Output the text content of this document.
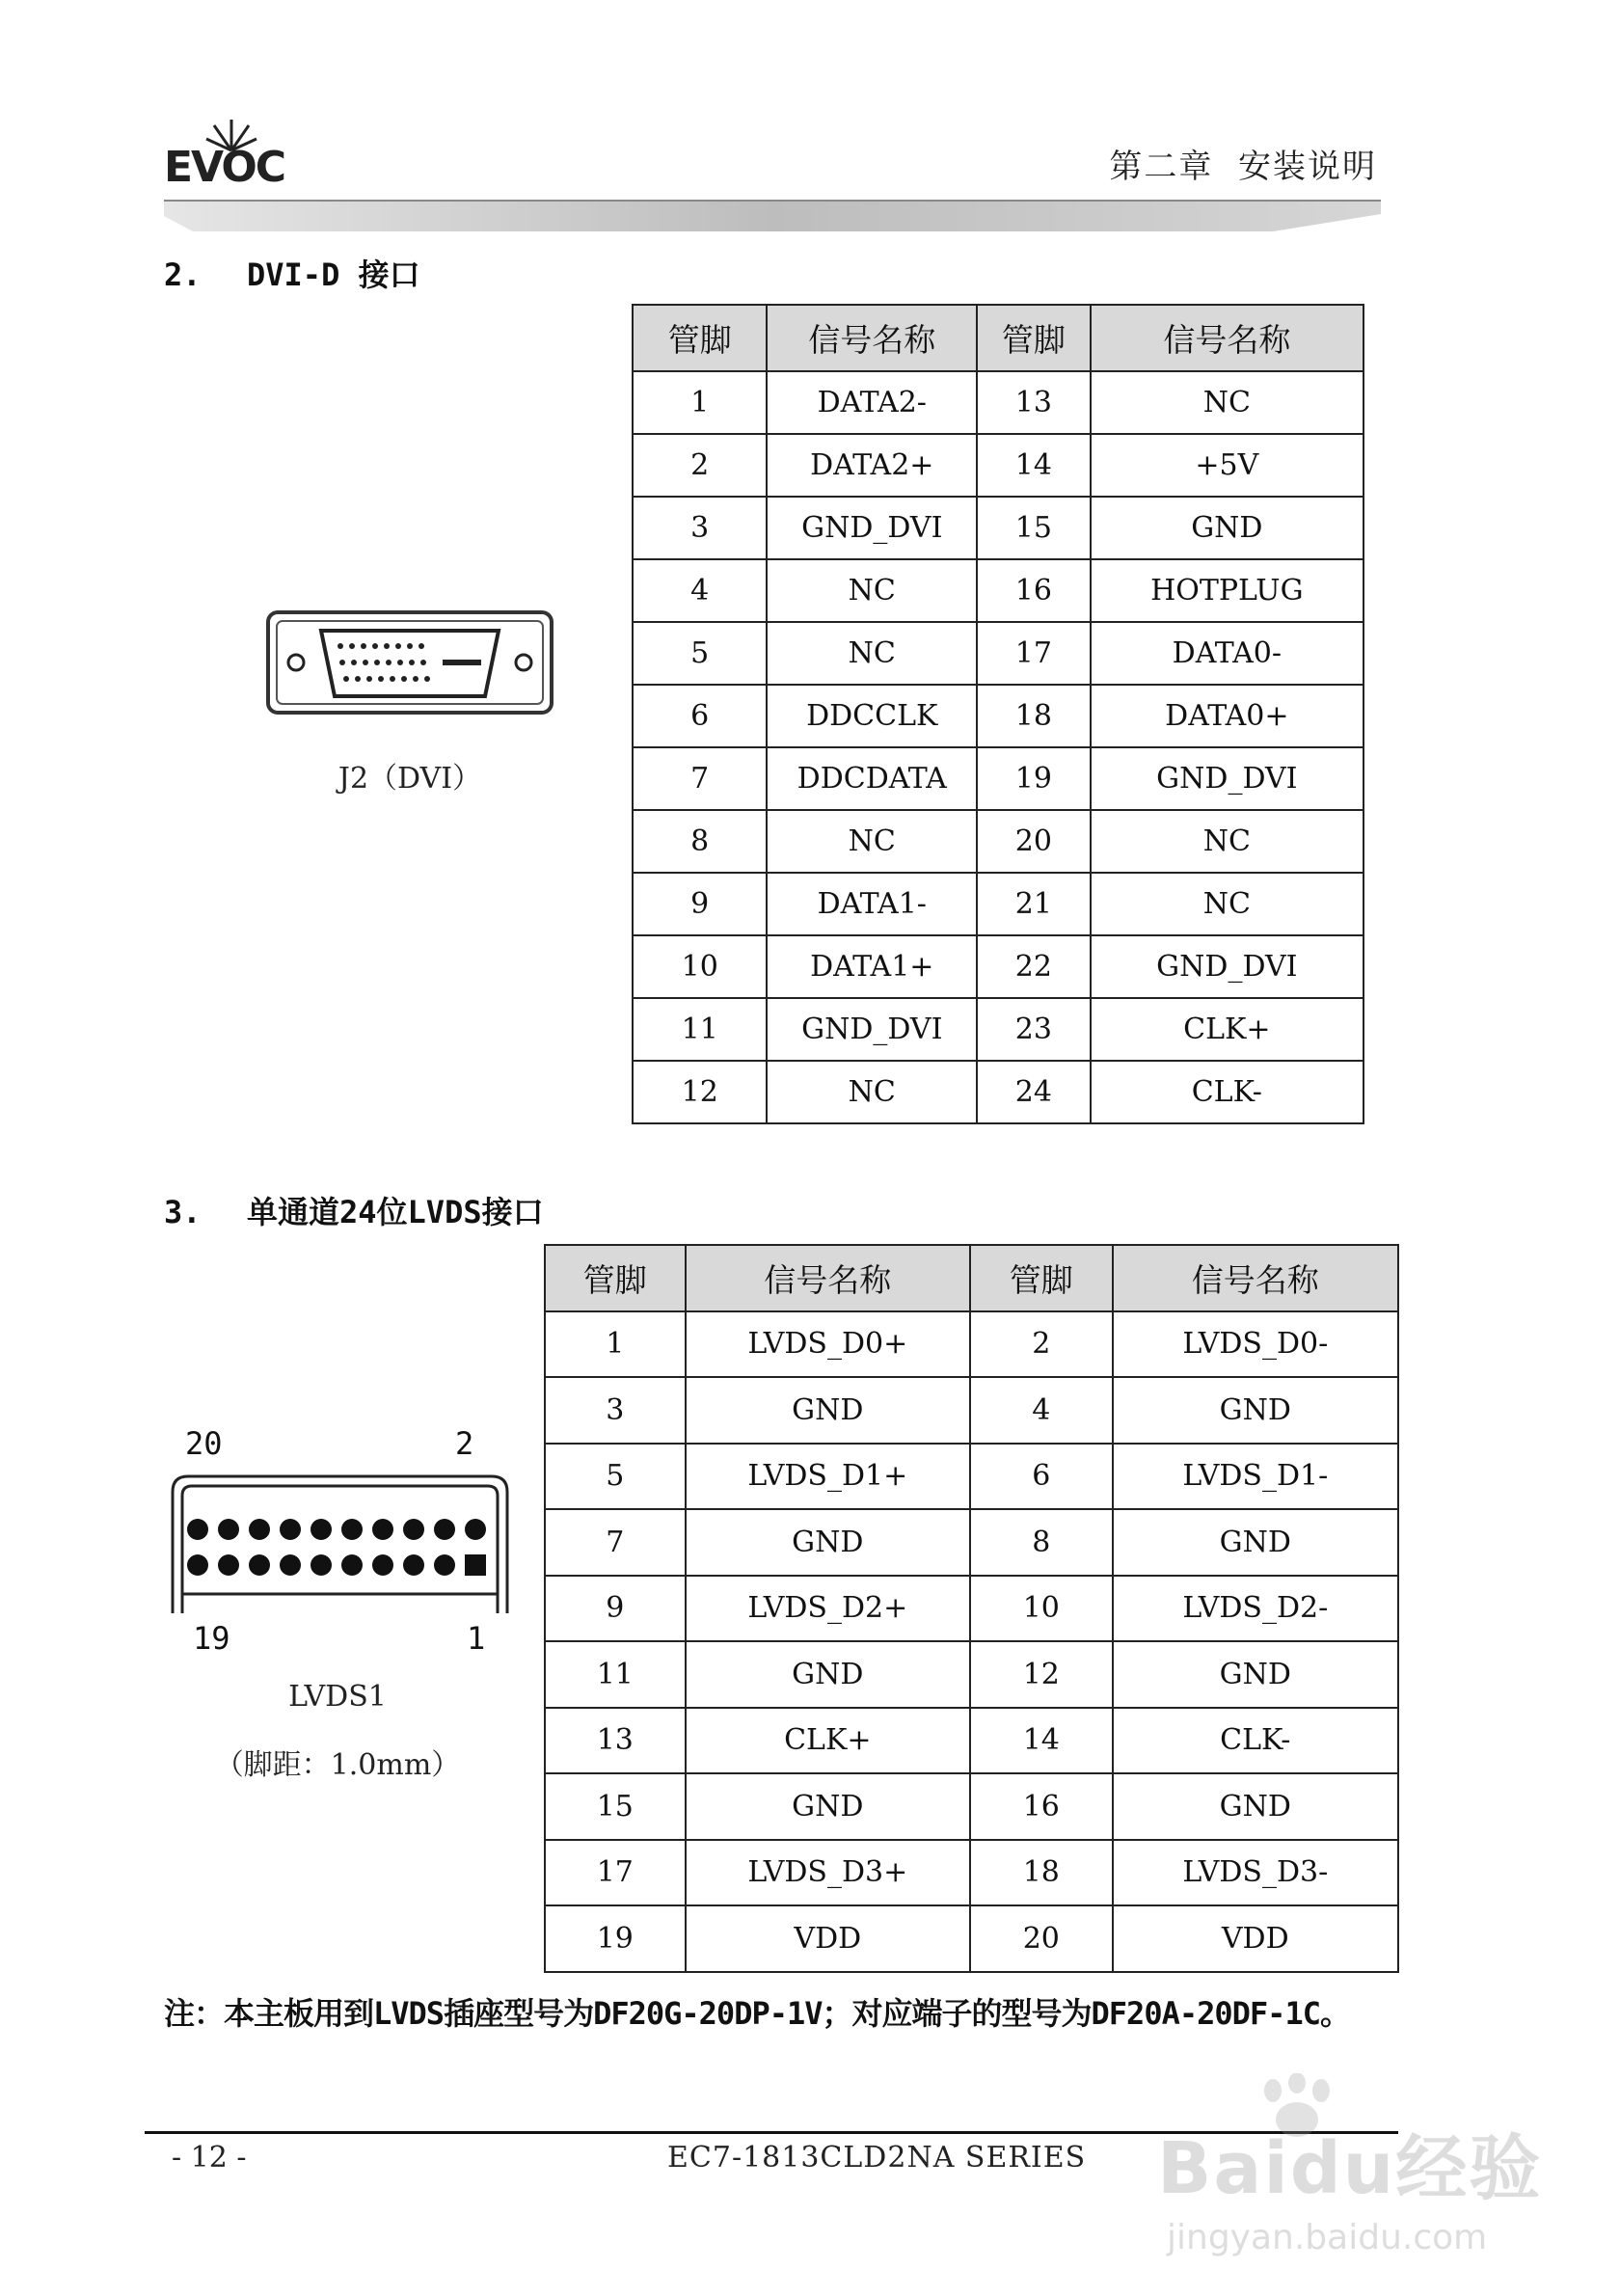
EVOC	第二章  安装说明
2. DVI-D 接口
J2（DVI）
管脚	信号名称	管脚	信号名称
1	DATA2-	13	NC
2	DATA2+	14	+5V
3	GND_DVI	15	GND
4	NC	16	HOTPLUG
5	NC	17	DATA0-
6	DDCCLK	18	DATA0+
7	DDCDATA	19	GND_DVI
8	NC	20	NC
9	DATA1-	21	NC
10	DATA1+	22	GND_DVI
11	GND_DVI	23	CLK+
12	NC	24	CLK-
3. 单通道24位LVDS接口
20	2
19	1
LVDS1
（脚距：1.0mm）
管脚	信号名称	管脚	信号名称
1	LVDS_D0+	2	LVDS_D0-
3	GND	4	GND
5	LVDS_D1+	6	LVDS_D1-
7	GND	8	GND
9	LVDS_D2+	10	LVDS_D2-
11	GND	12	GND
13	CLK+	14	CLK-
15	GND	16	GND
17	LVDS_D3+	18	LVDS_D3-
19	VDD	20	VDD
注：本主板用到LVDS插座型号为DF20G-20DP-1V；对应端子的型号为DF20A-20DF-1C。
- 12 -	EC7-1813CLD2NA SERIES Baidu经验
jingyan.baidu.com
